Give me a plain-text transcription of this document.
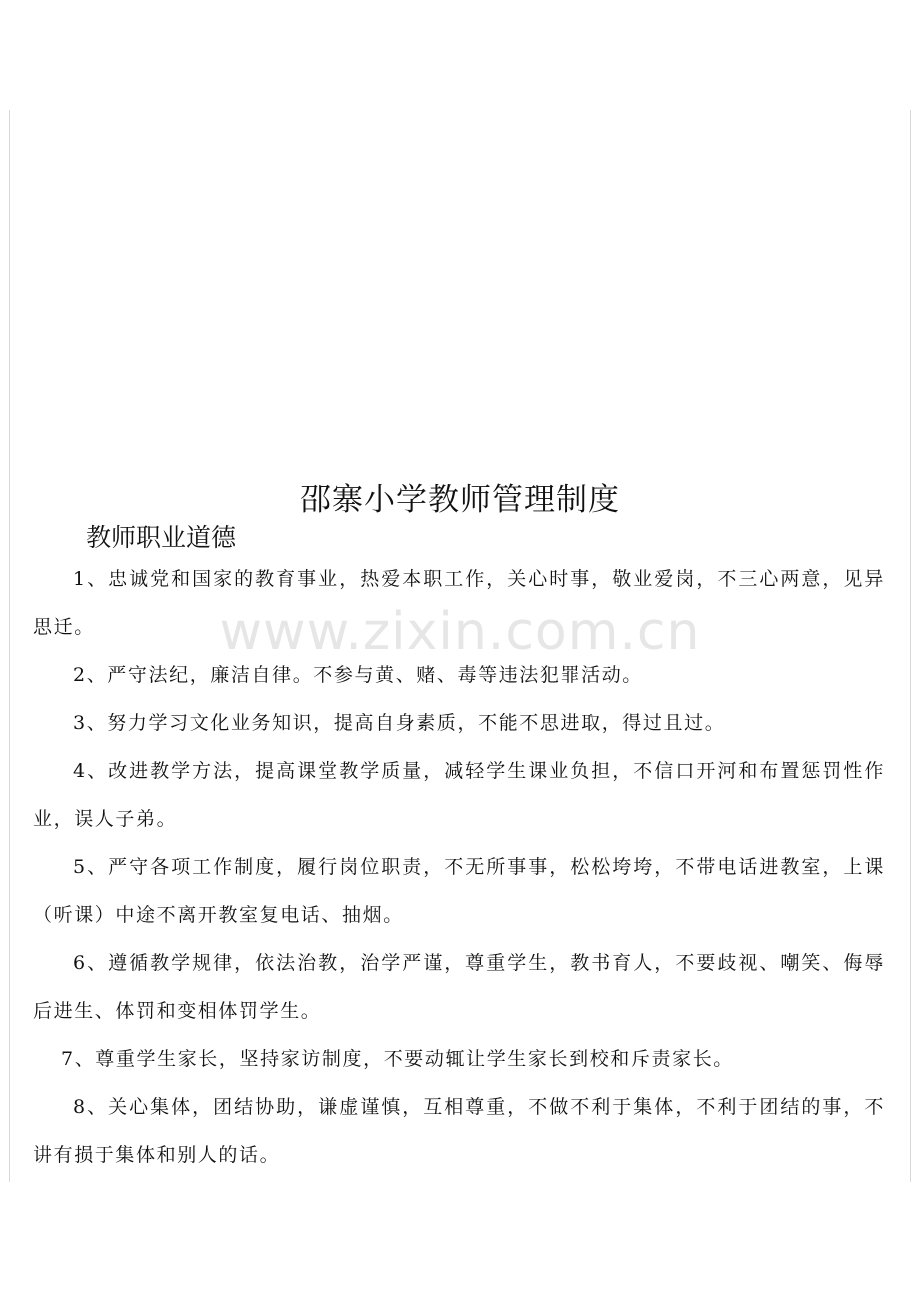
www.zixin.com.cn
邵寨小学教师管理制度
教师职业道德

1、忠诚党和国家的教育事业，热爱本职工作，关心时事，敬业爱岗，不三心两意，见异思迁。

2、严守法纪，廉洁自律。不参与黄、赌、毒等违法犯罪活动。

3、努力学习文化业务知识，提高自身素质，不能不思进取，得过且过。

4、改进教学方法，提高课堂教学质量，减轻学生课业负担，不信口开河和布置惩罚性作业，误人子弟。

5、严守各项工作制度，履行岗位职责，不无所事事，松松垮垮，不带电话进教室，上课（听课）中途不离开教室复电话、抽烟。

6、遵循教学规律，依法治教，治学严谨，尊重学生，教书育人，不要歧视、嘲笑、侮辱后进生、体罚和变相体罚学生。

7、尊重学生家长，坚持家访制度，不要动辄让学生家长到校和斥责家长。

8、关心集体，团结协助，谦虚谨慎，互相尊重，不做不利于集体，不利于团结的事，不讲有损于集体和别人的话。
